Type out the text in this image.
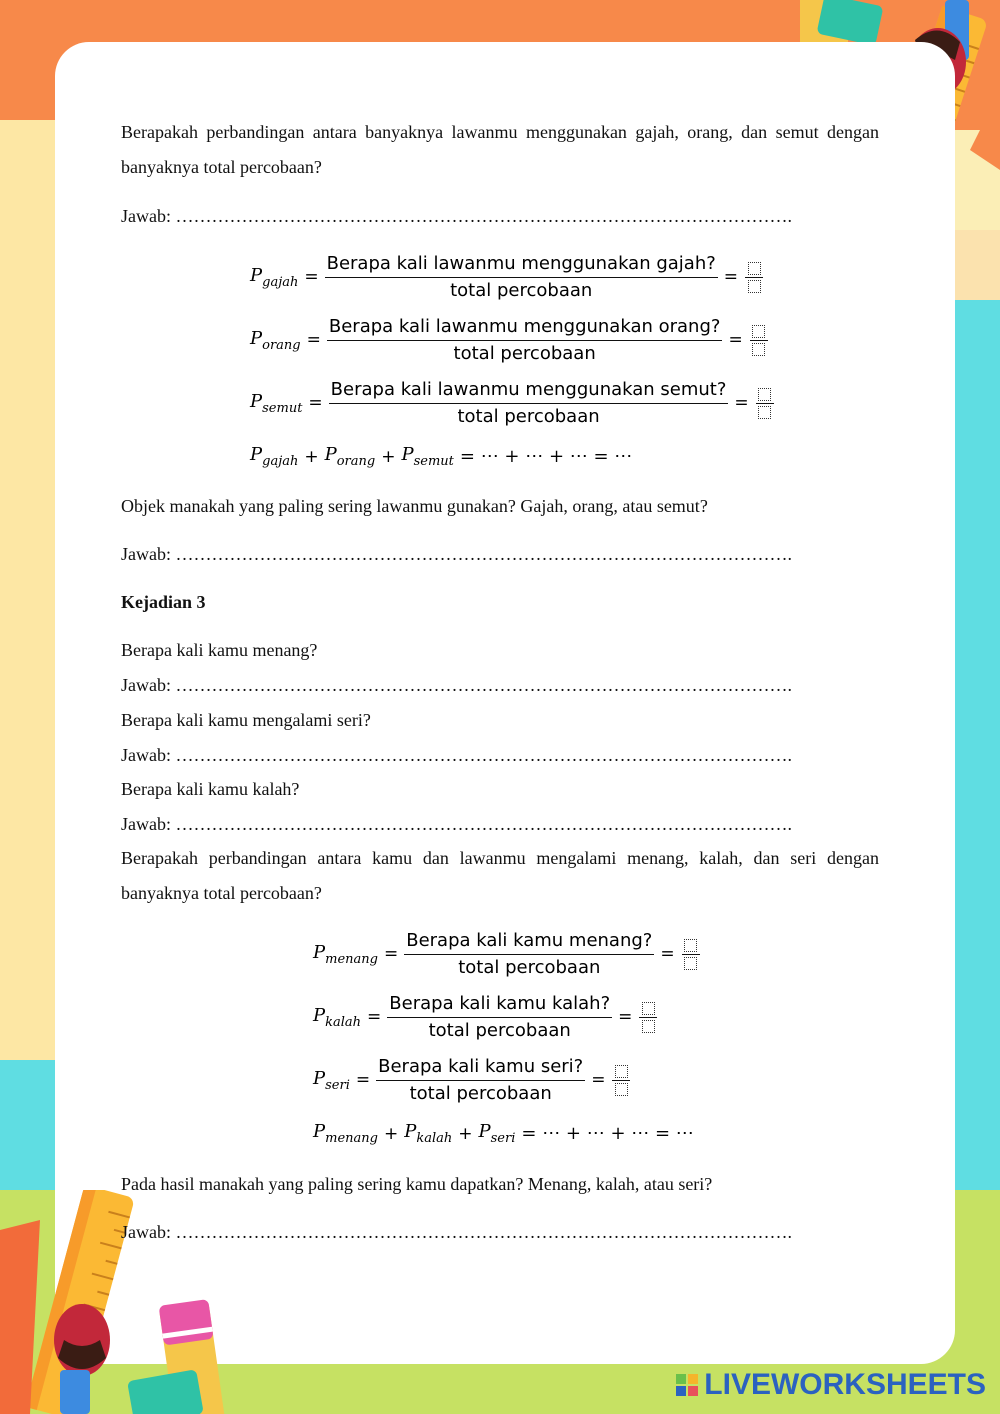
Berapakah perbandingan antara banyaknya lawanmu menggunakan gajah, orang, dan semut dengan banyaknya total percobaan?
Jawab: ………………………………………………………………………………………….
$P_{gajah} = \frac{\text{Berapa kali lawanmu menggunakan gajah?}}{\text{total percobaan}}$ =
$P_{orang} = \frac{\text{Berapa kali lawanmu menggunakan orang?}}{\text{total percobaan}}$ =
$P_{semut} = \frac{\text{Berapa kali lawanmu menggunakan semut?}}{\text{total percobaan}}$ =
$P_{gajah} + P_{orang} + P_{semut}$ = ⋯ + ⋯ + ⋯ = ⋯
Objek manakah yang paling sering lawanmu gunakan? Gajah, orang, atau semut?
Jawab: ………………………………………………………………………………………….
Kejadian 3
Berapa kali kamu menang?
Jawab: ………………………………………………………………………………………….
Berapa kali kamu mengalami seri?
Jawab: ………………………………………………………………………………………….
Berapa kali kamu kalah?
Jawab: ………………………………………………………………………………………….
Berapakah perbandingan antara kamu dan lawanmu mengalami menang, kalah, dan seri dengan banyaknya total percobaan?
$P_{menang} = \frac{\text{Berapa kali kamu menang?}}{\text{total percobaan}}$ =
$P_{kalah} = \frac{\text{Berapa kali kamu kalah?}}{\text{total percobaan}}$ =
$P_{seri} = \frac{\text{Berapa kali kamu seri?}}{\text{total percobaan}}$ =
$P_{menang} + P_{kalah} + P_{seri}$ = ⋯ + ⋯ + ⋯ = ⋯
Pada hasil manakah yang paling sering kamu dapatkan? Menang, kalah, atau seri?
Jawab: ………………………………………………………………………………………….
LIVEWORKSHEETS
